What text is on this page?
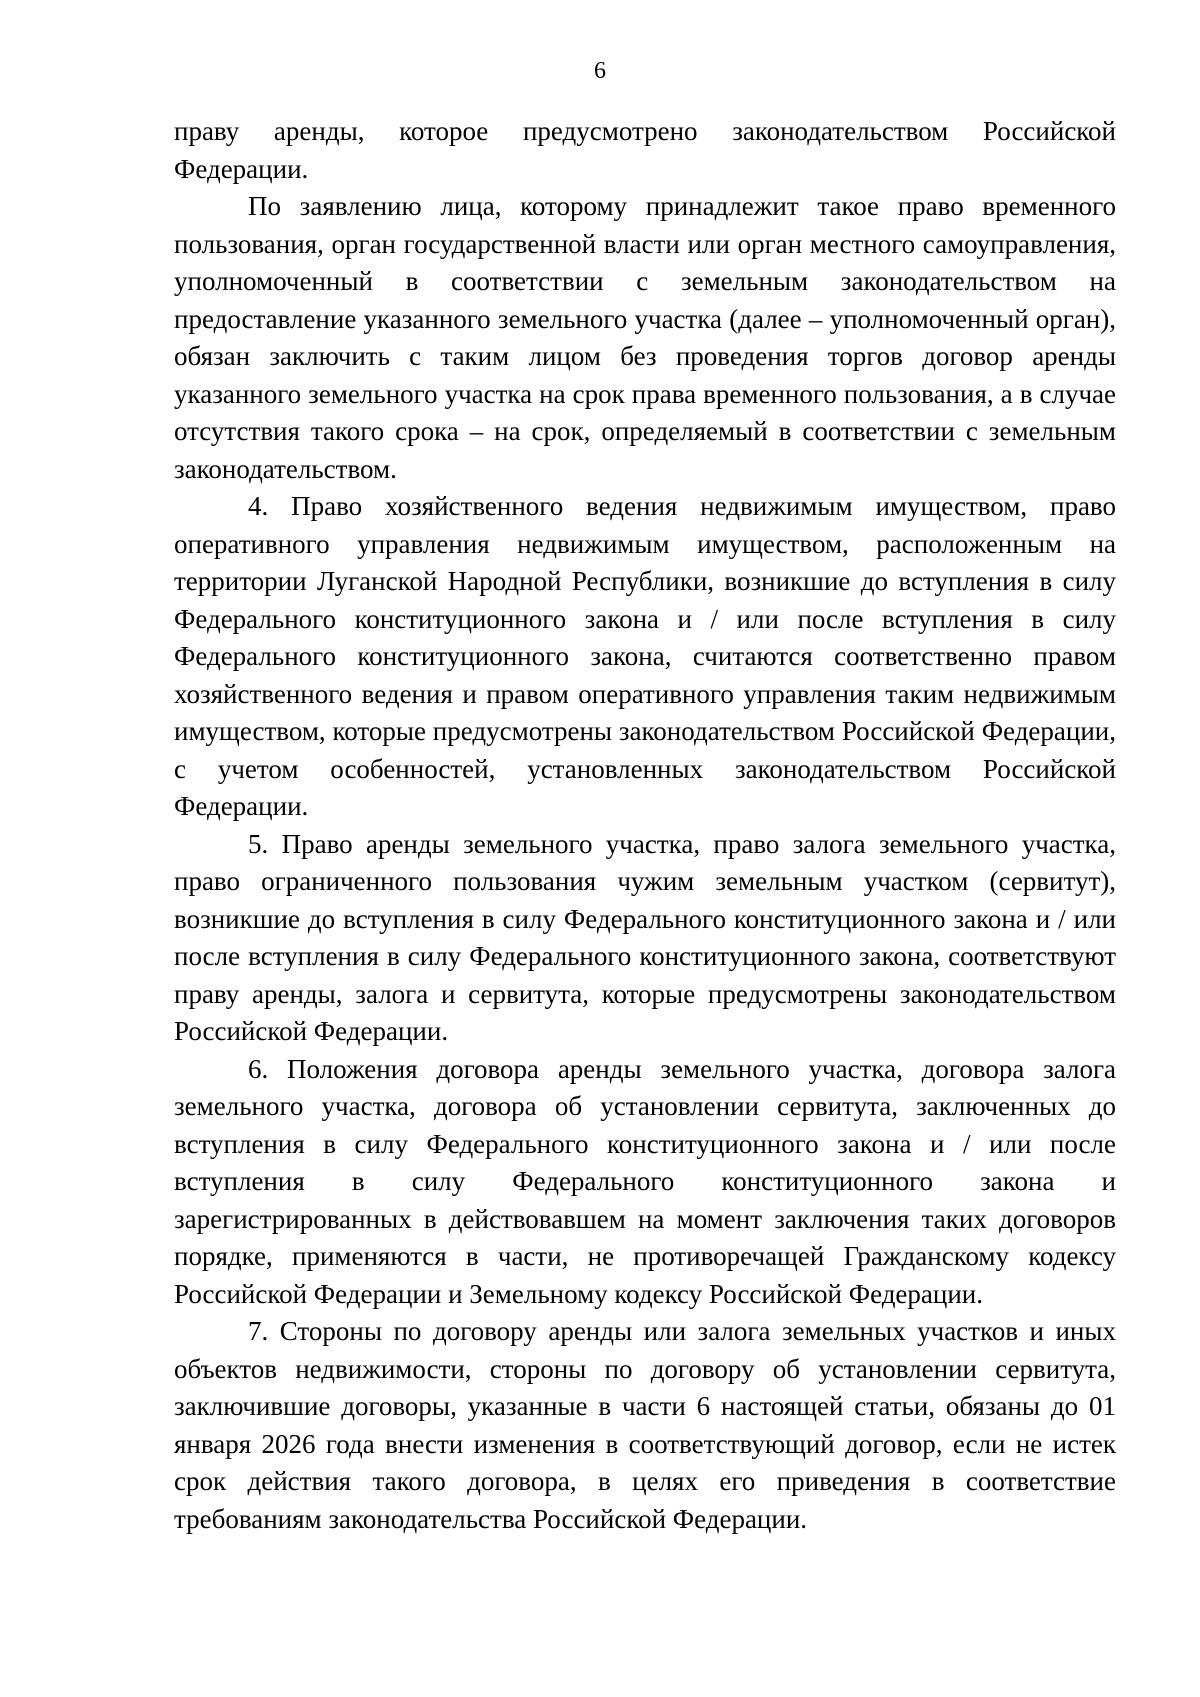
6

праву аренды, которое предусмотрено законодательством Российской Федерации.

По заявлению лица, которому принадлежит такое право временного пользования, орган государственной власти или орган местного самоуправления, уполномоченный в соответствии с земельным законодательством на предоставление указанного земельного участка (далее – уполномоченный орган), обязан заключить с таким лицом без проведения торгов договор аренды указанного земельного участка на срок права временного пользования, а в случае отсутствия такого срока – на срок, определяемый в соответствии с земельным законодательством.

4. Право хозяйственного ведения недвижимым имуществом, право оперативного управления недвижимым имуществом, расположенным на территории Луганской Народной Республики, возникшие до вступления в силу Федерального конституционного закона и / или после вступления в силу Федерального конституционного закона, считаются соответственно правом хозяйственного ведения и правом оперативного управления таким недвижимым имуществом, которые предусмотрены законодательством Российской Федерации, с учетом особенностей, установленных законодательством Российской Федерации.

5. Право аренды земельного участка, право залога земельного участка, право ограниченного пользования чужим земельным участком (сервитут), возникшие до вступления в силу Федерального конституционного закона и / или после вступления в силу Федерального конституционного закона, соответствуют праву аренды, залога и сервитута, которые предусмотрены законодательством Российской Федерации.

6. Положения договора аренды земельного участка, договора залога земельного участка, договора об установлении сервитута, заключенных до вступления в силу Федерального конституционного закона и / или после вступления в силу Федерального конституционного закона и зарегистрированных в действовавшем на момент заключения таких договоров порядке, применяются в части, не противоречащей Гражданскому кодексу Российской Федерации и Земельному кодексу Российской Федерации.

7. Стороны по договору аренды или залога земельных участков и иных объектов недвижимости, стороны по договору об установлении сервитута, заключившие договоры, указанные в части 6 настоящей статьи, обязаны до 01 января 2026 года внести изменения в соответствующий договор, если не истек срок действия такого договора, в целях его приведения в соответствие требованиям законодательства Российской Федерации.
